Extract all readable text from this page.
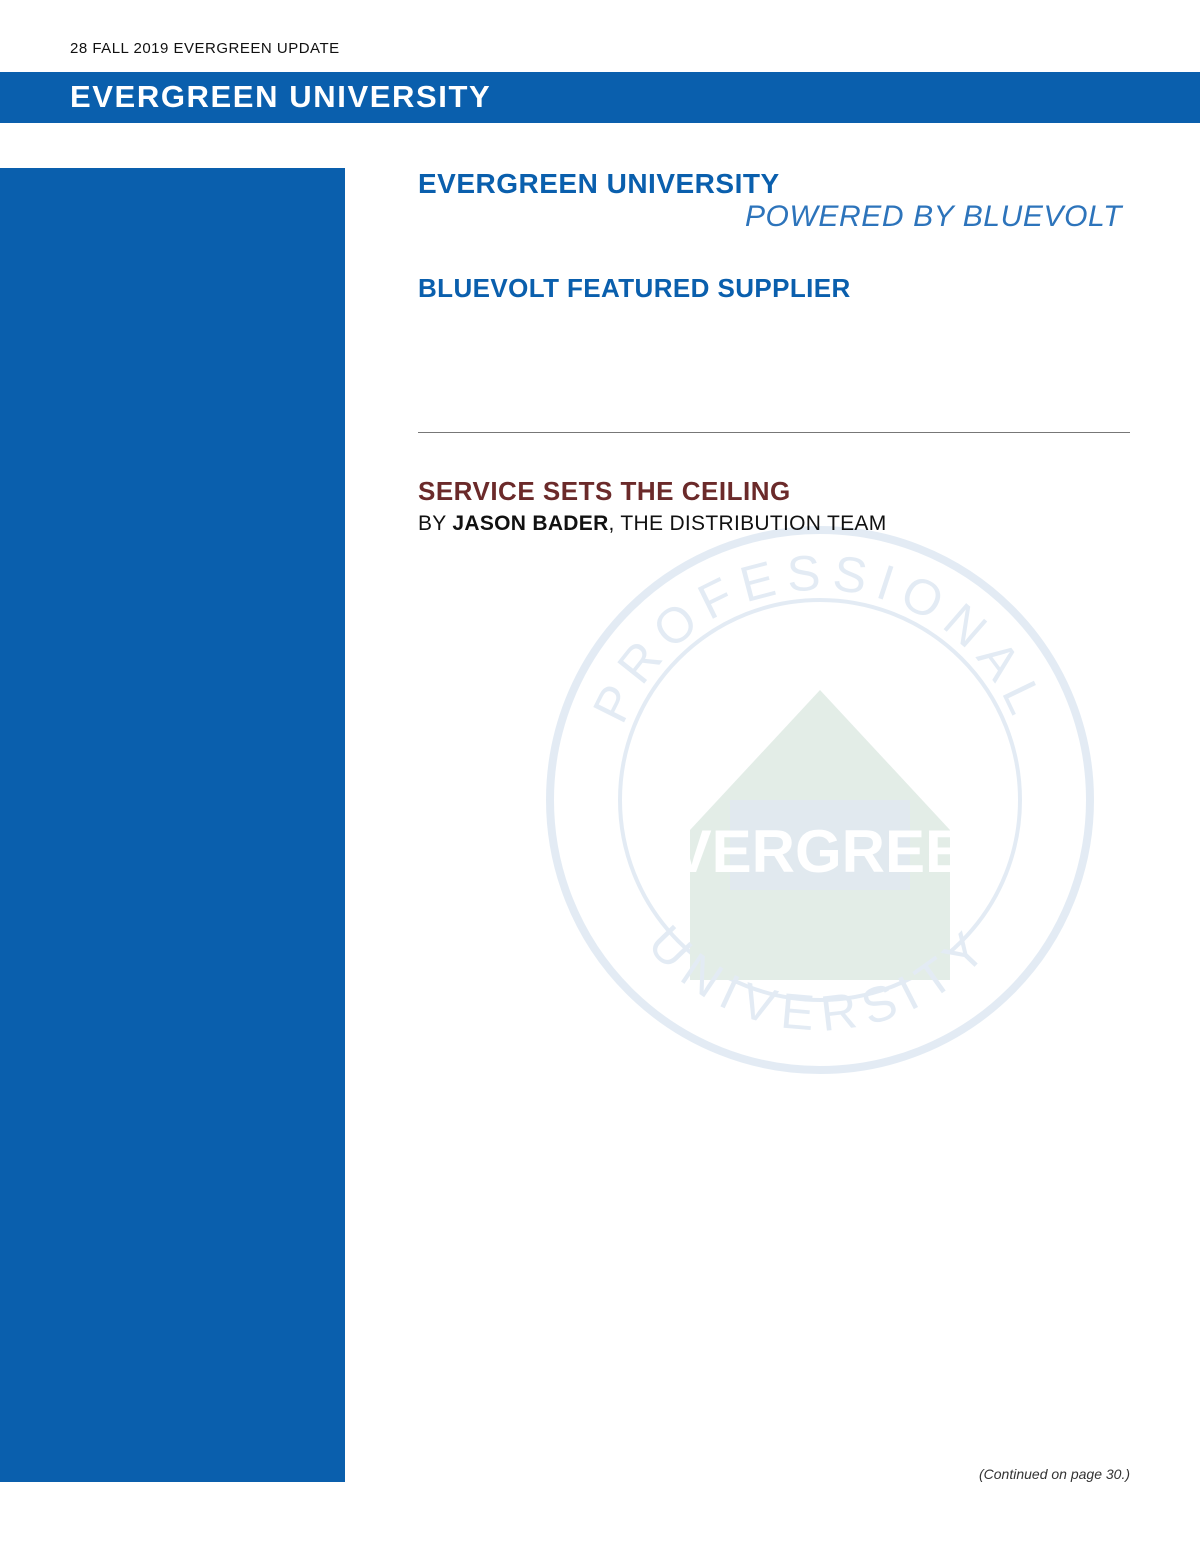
28 FALL 2019 EVERGREEN UPDATE
EVERGREEN UNIVERSITY
EVERGREEN
PROFESSIONAL
UNIVERSITY
EVERGREEN UNIVERSITY
POWERED BY BLUEVOLT
BLUEVOLT FEATURED SUPPLIER
SERVICE SETS THE CEILING
BY JASON BADER, THE DISTRIBUTION TEAM

(Continued on page 30.)
